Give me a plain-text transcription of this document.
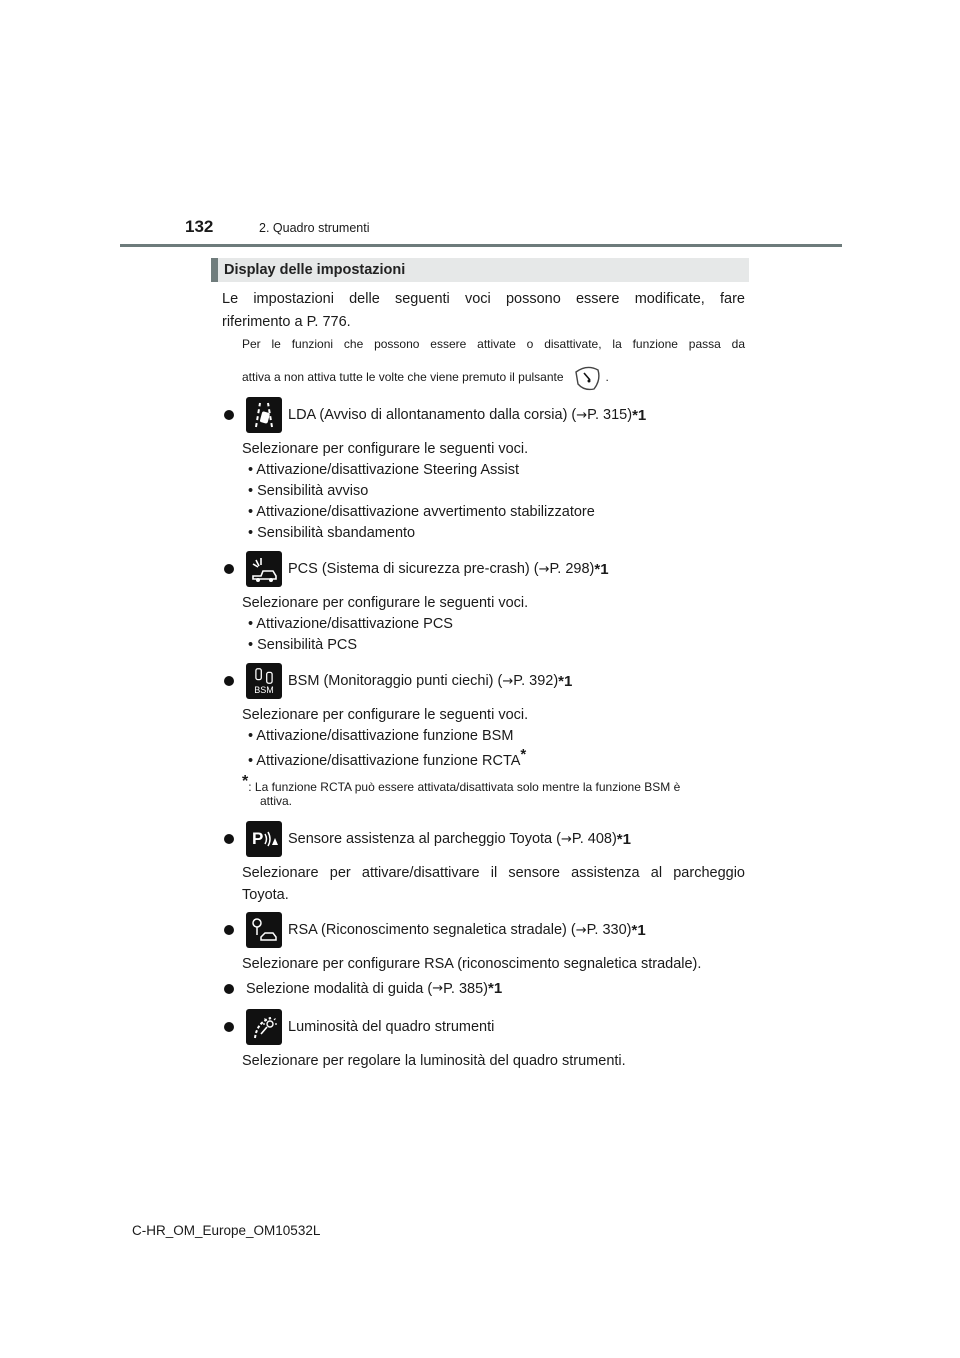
132	2. Quadro strumenti
Display delle impostazioni
Le impostazioni delle seguenti voci possono essere modificate, fare
riferimento a P. 776.
Per le funzioni che possono essere attivate o disattivate, la funzione passa da
attiva a non attiva tutte le volte che viene premuto il pulsante	.
LDA (Avviso di allontanamento dalla corsia) ( → P. 315) *1
Selezionare per configurare le seguenti voci.
• Attivazione/disattivazione Steering Assist
• Sensibilità avviso
• Attivazione/disattivazione avvertimento stabilizzatore
• Sensibilità sbandamento
PCS (Sistema di sicurezza pre-crash) ( → P. 298) *1
Selezionare per configurare le seguenti voci.
• Attivazione/disattivazione PCS
• Sensibilità PCS
BSM
BSM (Monitoraggio punti ciechi) ( → P. 392) *1
Selezionare per configurare le seguenti voci.
• Attivazione/disattivazione funzione BSM
• Attivazione/disattivazione funzione RCTA*
*: La funzione RCTA può essere attivata/disattivata solo mentre la funzione BSM è
attiva.
P Sensore assistenza al parcheggio Toyota ( → P. 408) *1
Selezionare per attivare/disattivare il sensore assistenza al parcheggio
Toyota.
RSA (Riconoscimento segnaletica stradale) ( → P. 330) *1
Selezionare per configurare RSA (riconoscimento segnaletica stradale).
Selezione modalità di guida ( → P. 385) *1
Luminosità del quadro strumenti
Selezionare per regolare la luminosità del quadro strumenti.
C-HR_OM_Europe_OM10532L
